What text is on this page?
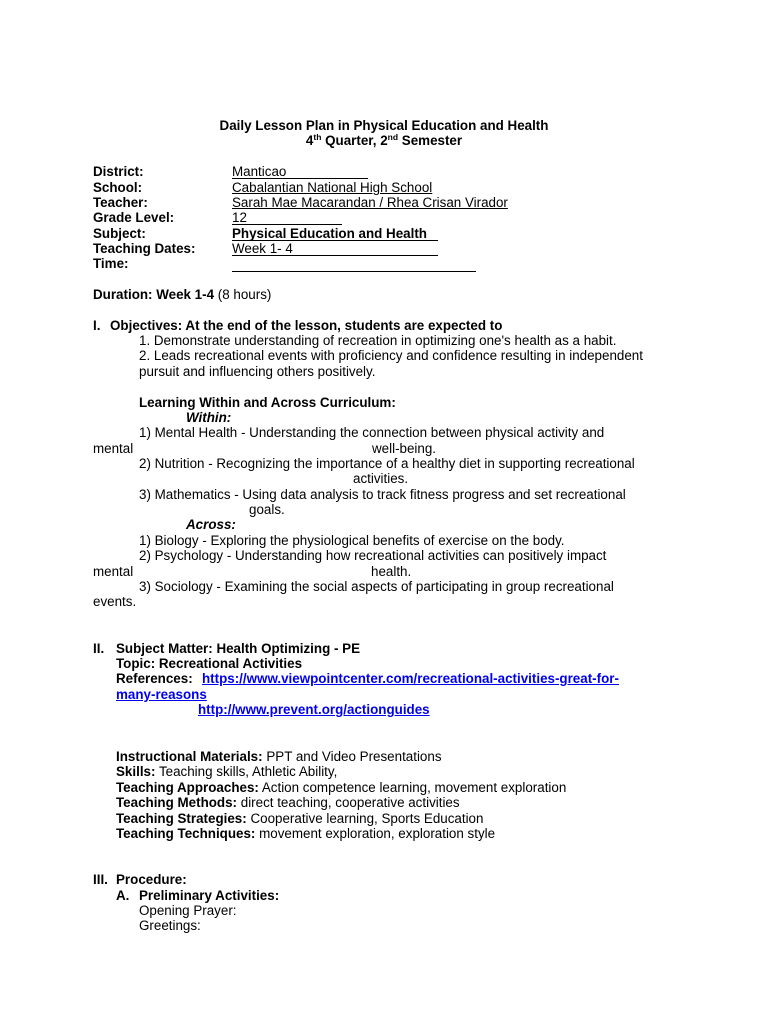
Daily Lesson Plan in Physical Education and Health
4th Quarter, 2nd Semester
District:	Manticao
School:	Cabalantian National High School
Teacher:	Sarah Mae Macarandan / Rhea Crisan Virador
Grade Level:	12
Subject:	Physical Education and Health
Teaching Dates:	Week 1- 4
Time:
Duration: Week 1-4 (8 hours)
I. Objectives: At the end of the lesson, students are expected to
1. Demonstrate understanding of recreation in optimizing one's health as a habit.
2. Leads recreational events with proficiency and confidence resulting in independent
pursuit and influencing others positively.
Learning Within and Across Curriculum:
Within:
1) Mental Health - Understanding the connection between physical activity and
mental	well-being.
2) Nutrition - Recognizing the importance of a healthy diet in supporting recreational
activities.
3) Mathematics - Using data analysis to track fitness progress and set recreational
goals.
Across:
1) Biology - Exploring the physiological benefits of exercise on the body.
2) Psychology - Understanding how recreational activities can positively impact
mental	health.
3) Sociology - Examining the social aspects of participating in group recreational
events.
II. Subject Matter: Health Optimizing - PE
Topic: Recreational Activities
References: https://www.viewpointcenter.com/recreational-activities-great-for-
many-reasons
http://www.prevent.org/actionguides
Instructional Materials: PPT and Video Presentations
Skills: Teaching skills, Athletic Ability,
Teaching Approaches: Action competence learning, movement exploration
Teaching Methods: direct teaching, cooperative activities
Teaching Strategies: Cooperative learning, Sports Education
Teaching Techniques: movement exploration, exploration style
III. Procedure:
A. Preliminary Activities:
Opening Prayer:
Greetings:
